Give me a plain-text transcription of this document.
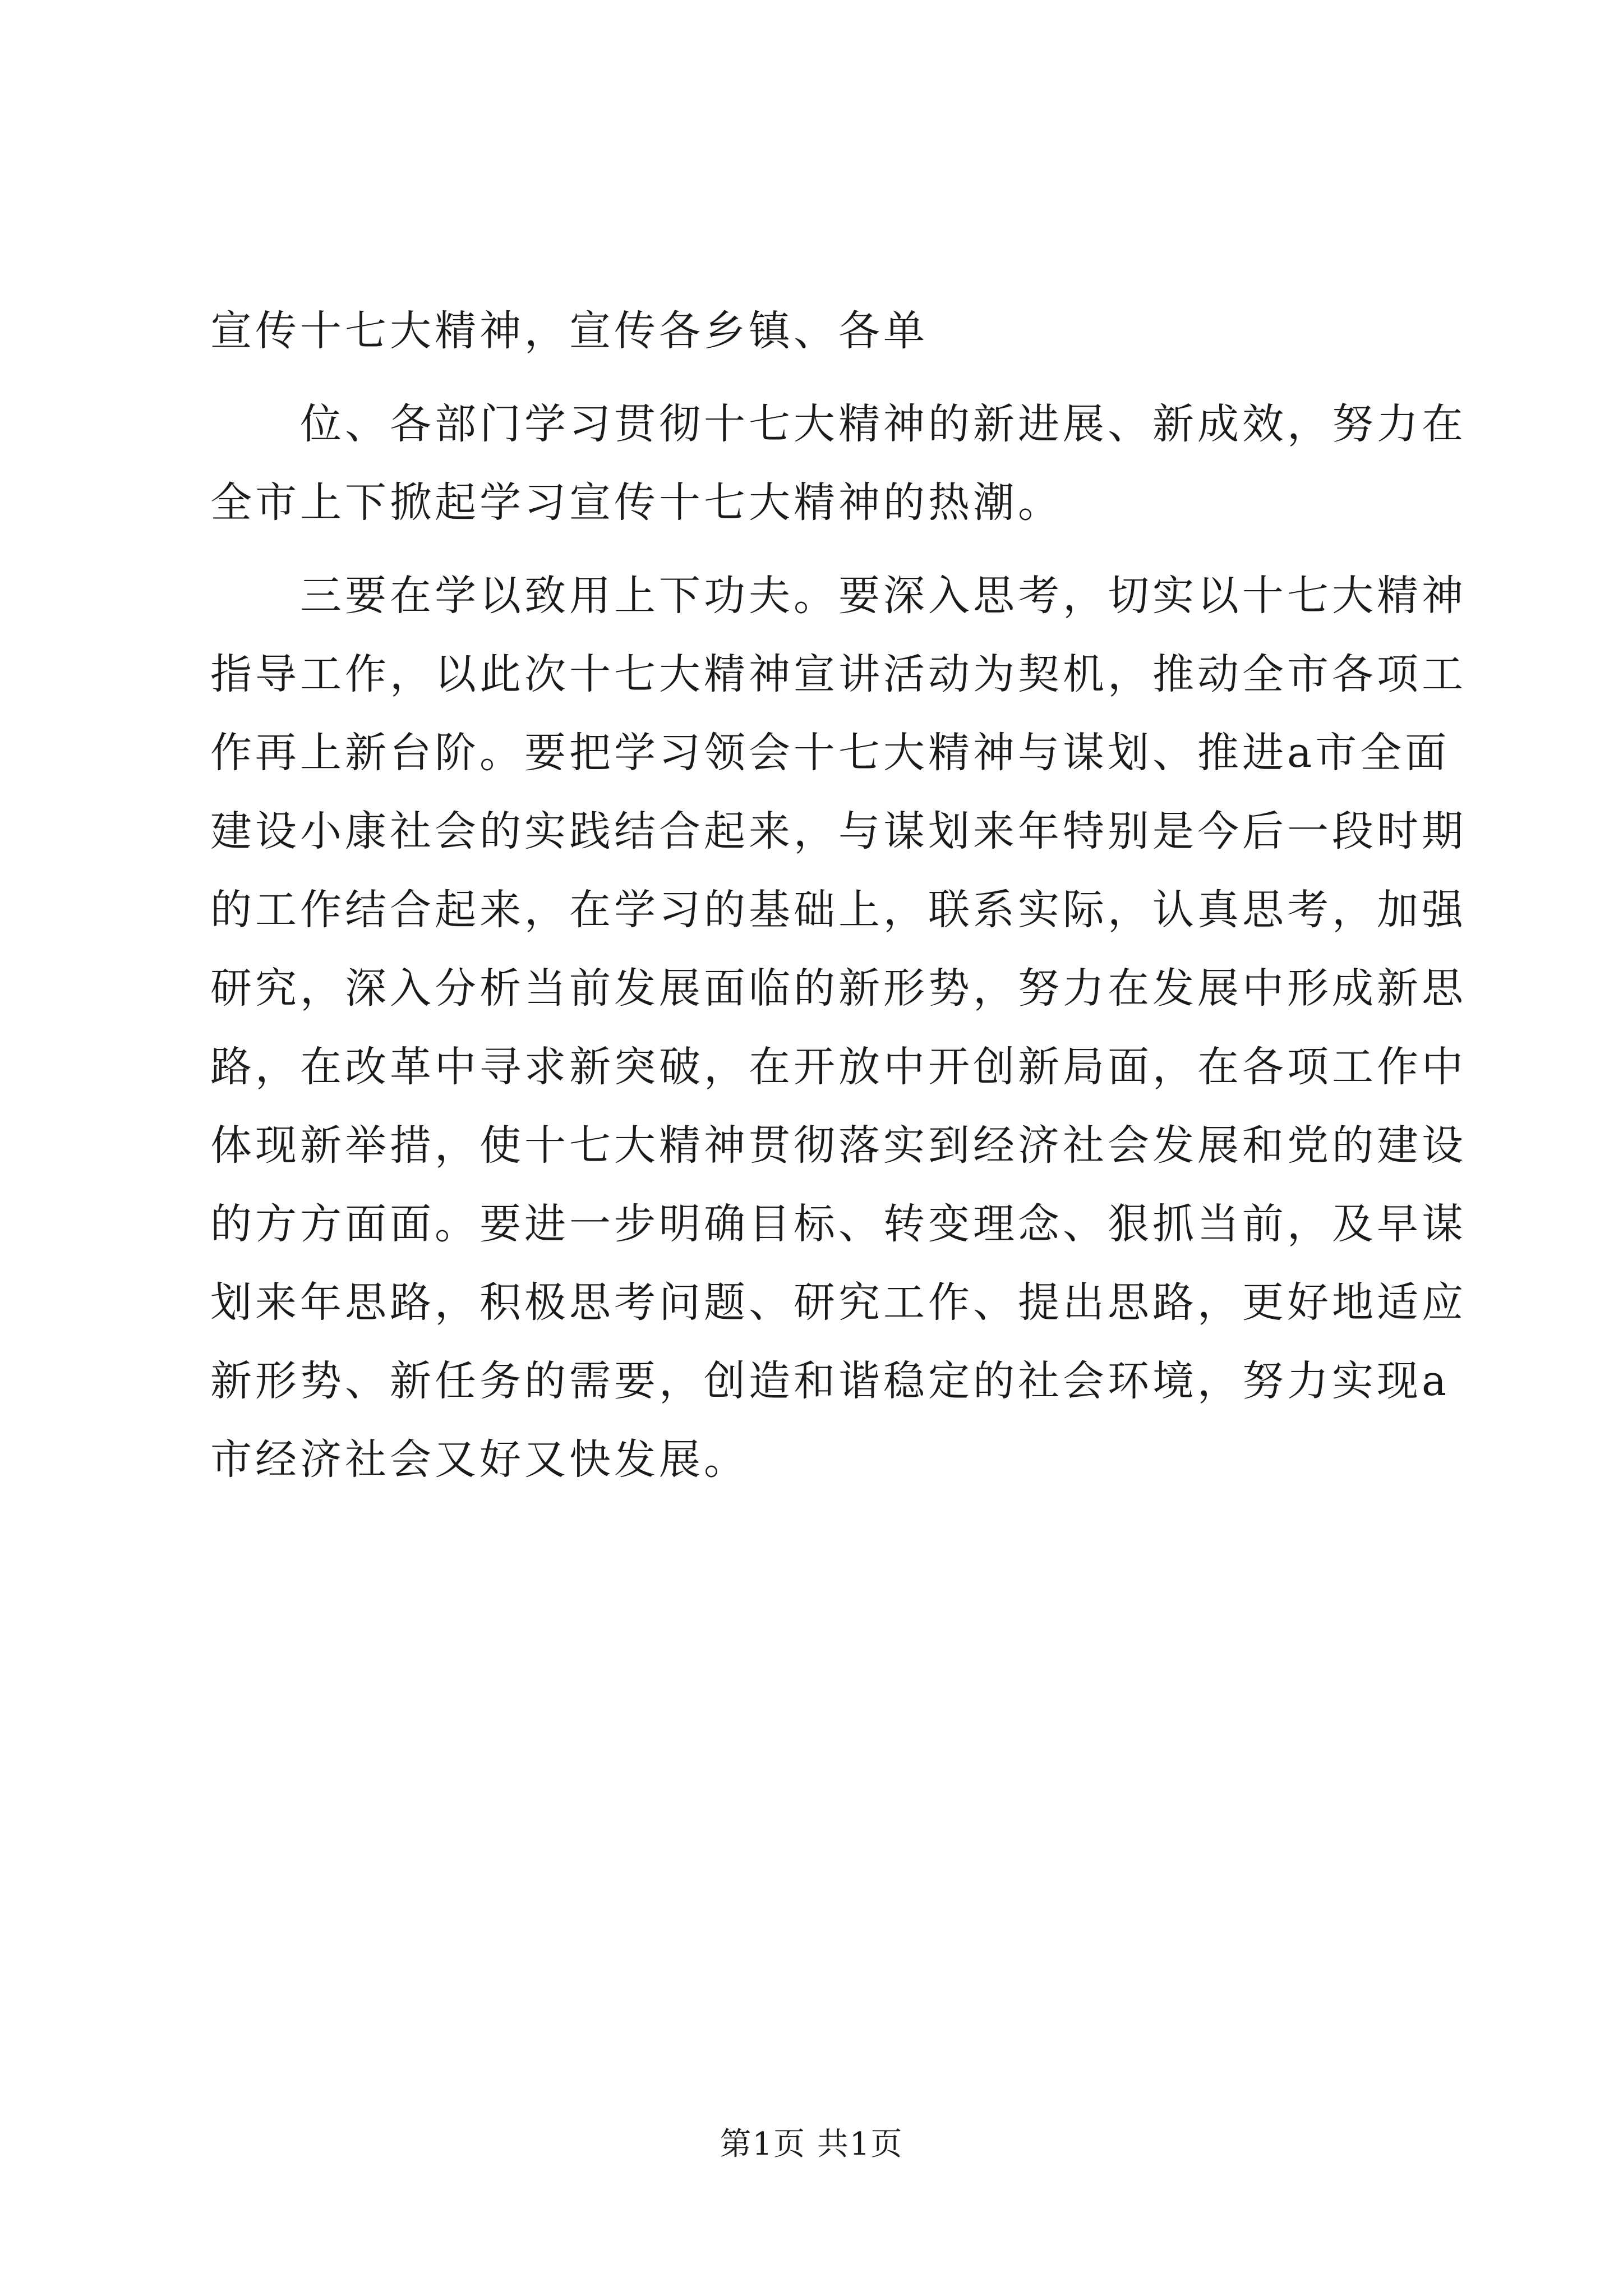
宣传十七大精神，宣传各乡镇、各单
　　位、各部门学习贯彻十七大精神的新进展、新成效，努力在
全市上下掀起学习宣传十七大精神的热潮。
　　三要在学以致用上下功夫。要深入思考，切实以十七大精神
指导工作，以此次十七大精神宣讲活动为契机，推动全市各项工
作再上新台阶。要把学习领会十七大精神与谋划、推进a市全面
建设小康社会的实践结合起来，与谋划来年特别是今后一段时期
的工作结合起来，在学习的基础上，联系实际，认真思考，加强
研究，深入分析当前发展面临的新形势，努力在发展中形成新思
路，在改革中寻求新突破，在开放中开创新局面，在各项工作中
体现新举措，使十七大精神贯彻落实到经济社会发展和党的建设
的方方面面。要进一步明确目标、转变理念、狠抓当前，及早谋
划来年思路，积极思考问题、研究工作、提出思路，更好地适应
新形势、新任务的需要，创造和谐稳定的社会环境，努力实现a
市经济社会又好又快发展。
第1页 共1页
